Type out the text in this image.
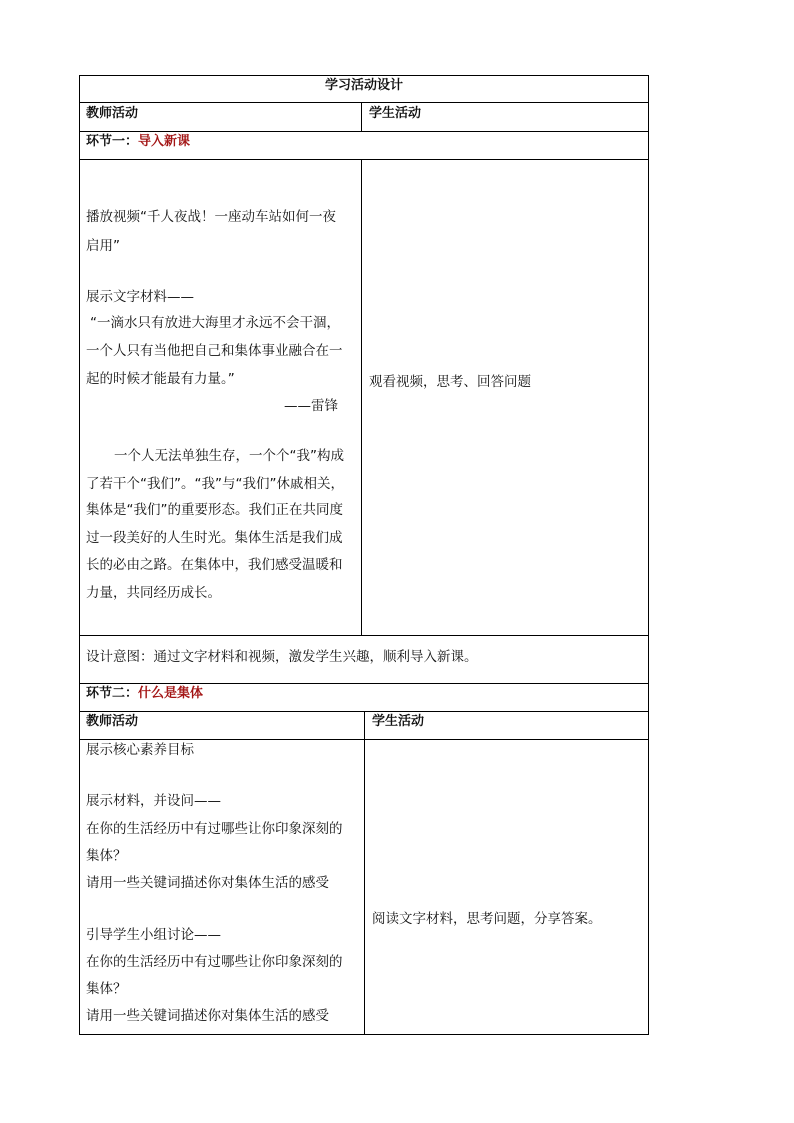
学习活动设计
教师活动	学生活动
环节一：导入新课
播放视频“千人夜战！一座动车站如何一夜
启用”
展示文字材料——
“一滴水只有放进大海里才永远不会干涸，
一个人只有当他把自己和集体事业融合在一
起的时候才能最有力量。”
——雷锋
一个人无法单独生存，一个个“我”构成
了若干个“我们”。“我”与“我们”休戚相关，
集体是“我们”的重要形态。我们正在共同度
过一段美好的人生时光。集体生活是我们成
长的必由之路。在集体中，我们感受温暖和
力量，共同经历成长。
观看视频，思考、回答问题
设计意图：通过文字材料和视频，激发学生兴趣，顺利导入新课。
环节二：什么是集体
教师活动	学生活动
展示核心素养目标
展示材料，并设问——
在你的生活经历中有过哪些让你印象深刻的
集体？
请用一些关键词描述你对集体生活的感受
引导学生小组讨论——
在你的生活经历中有过哪些让你印象深刻的
集体？
请用一些关键词描述你对集体生活的感受
阅读文字材料，思考问题，分享答案。
